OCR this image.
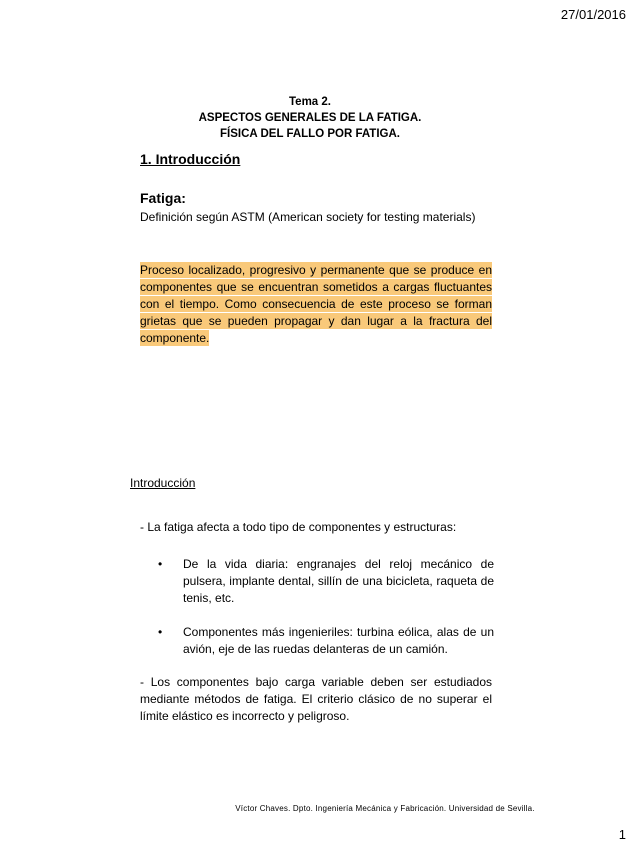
27/01/2016
Tema 2.
ASPECTOS GENERALES DE LA FATIGA.
FÍSICA DEL FALLO POR FATIGA.
1. Introducción
Fatiga:
Definición según ASTM (American society for testing materials)
Proceso localizado, progresivo y permanente que se produce en componentes que se encuentran sometidos a cargas fluctuantes con el tiempo. Como consecuencia de este proceso se forman grietas que se pueden propagar y dan lugar a la fractura del componente.
Introducción
- La fatiga afecta a todo tipo de componentes y estructuras:
• De la vida diaria: engranajes del reloj mecánico de pulsera, implante dental, sillín de una bicicleta, raqueta de tenis, etc.
• Componentes más ingenieriles: turbina eólica, alas de un avión, eje de las ruedas delanteras de un camión.
- Los componentes bajo carga variable deben ser estudiados mediante métodos de fatiga. El criterio clásico de no superar el límite elástico es incorrecto y peligroso.
Víctor Chaves. Dpto. Ingeniería Mecánica y Fabricación. Universidad de Sevilla.
1
